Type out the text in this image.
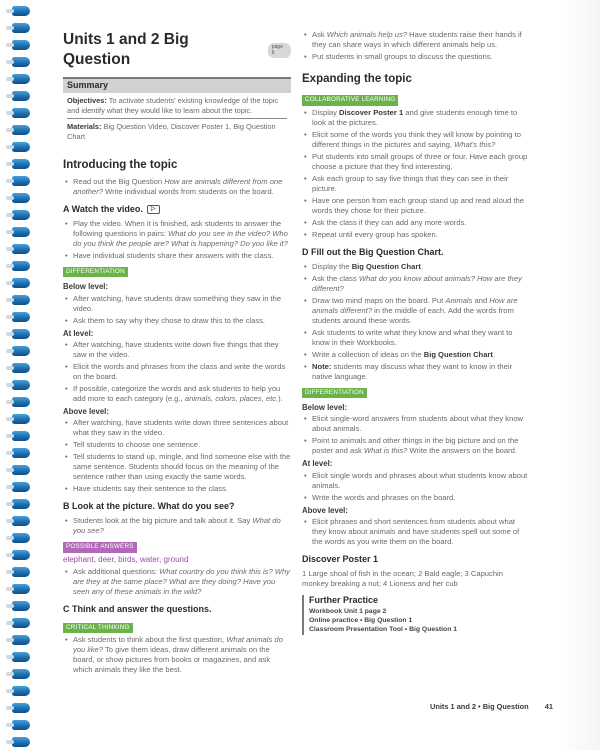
Units 1 and 2 Big Question
page 6
Summary

Objectives: To activate students' existing knowledge of the topic and identify what they would like to learn about the topic.

Materials: Big Question Video, Discover Poster 1, Big Question Chart

Introducing the topic
• Read out the Big Question How are animals different from one another? Write individual words from students on the board.
A Watch the video.	▷
• Play the video. When it is finished, ask students to answer the following questions in pairs: What do you see in the video? Who do you think the people are? What is happening? Do you like it?
• Have individual students share their answers with the class.
DIFFERENTIATION
Below level:
• After watching, have students draw something they saw in the video.
• Ask them to say why they chose to draw this to the class.
At level:
• After watching, have students write down five things that they saw in the video.
• Elicit the words and phrases from the class and write the words on the board.
• If possible, categorize the words and ask students to help you add more to each category (e.g., animals, colors, places, etc.).
Above level:
• After watching, have students write down three sentences about what they saw in the video.
• Tell students to choose one sentence.
• Tell students to stand up, mingle, and find someone else with the same sentence. Students should focus on the meaning of the sentence rather than using exactly the same words.
• Have students say their sentence to the class.
B Look at the picture. What do you see?
• Students look at the big picture and talk about it. Say What do you see?
POSSIBLE ANSWERS
elephant, deer, birds, water, ground
• Ask additional questions: What country do you think this is? Why are they at the same place? What are they doing? Have you seen any of these animals in the wild?
C Think and answer the questions.
CRITICAL THINKING
• Ask students to think about the first question, What animals do you like? To give them ideas, draw different animals on the board, or show pictures from books or magazines, and ask which animals they like the best.
• Ask Which animals help us? Have students raise their hands if they can share ways in which different animals help us.
• Put students in small groups to discuss the questions.
Expanding the topic
COLLABORATIVE LEARNING
• Display Discover Poster 1 and give students enough time to look at the pictures.
• Elicit some of the words you think they will know by pointing to different things in the pictures and saying, What's this?
• Put students into small groups of three or four. Have each group choose a picture that they find interesting.
• Ask each group to say five things that they can see in their picture.
• Have one person from each group stand up and read aloud the words they chose for their picture.
• Ask the class if they can add any more words.
• Repeat until every group has spoken.
D Fill out the Big Question Chart.
• Display the Big Question Chart.
• Ask the class What do you know about animals? How are they different?
• Draw two mind maps on the board. Put Animals and How are animals different? in the middle of each. Add the words from students around these words.
• Ask students to write what they know and what they want to know in their Workbooks.
• Write a collection of ideas on the Big Question Chart.
• Note: students may discuss what they want to know in their native language.
DIFFERENTIATION
Below level:
• Elicit single-word answers from students about what they know about animals.
• Point to animals and other things in the big picture and on the poster and ask What is this? Write the answers on the board.
At level:
• Elicit single words and phrases about what students know about animals.
• Write the words and phrases on the board.
Above level:
• Elicit phrases and short sentences from students about what they know about animals and have students spell out some of the words as you write them on the board.
Discover Poster 1

1 Large shoal of fish in the ocean; 2 Bald eagle; 3 Capuchin monkey breaking a nut; 4 Lioness and her cub

Further Practice
Workbook Unit 1 page 2
Online practice • Big Question 1
Classroom Presentation Tool • Big Question 1
Units 1 and 2 • Big Question 41
